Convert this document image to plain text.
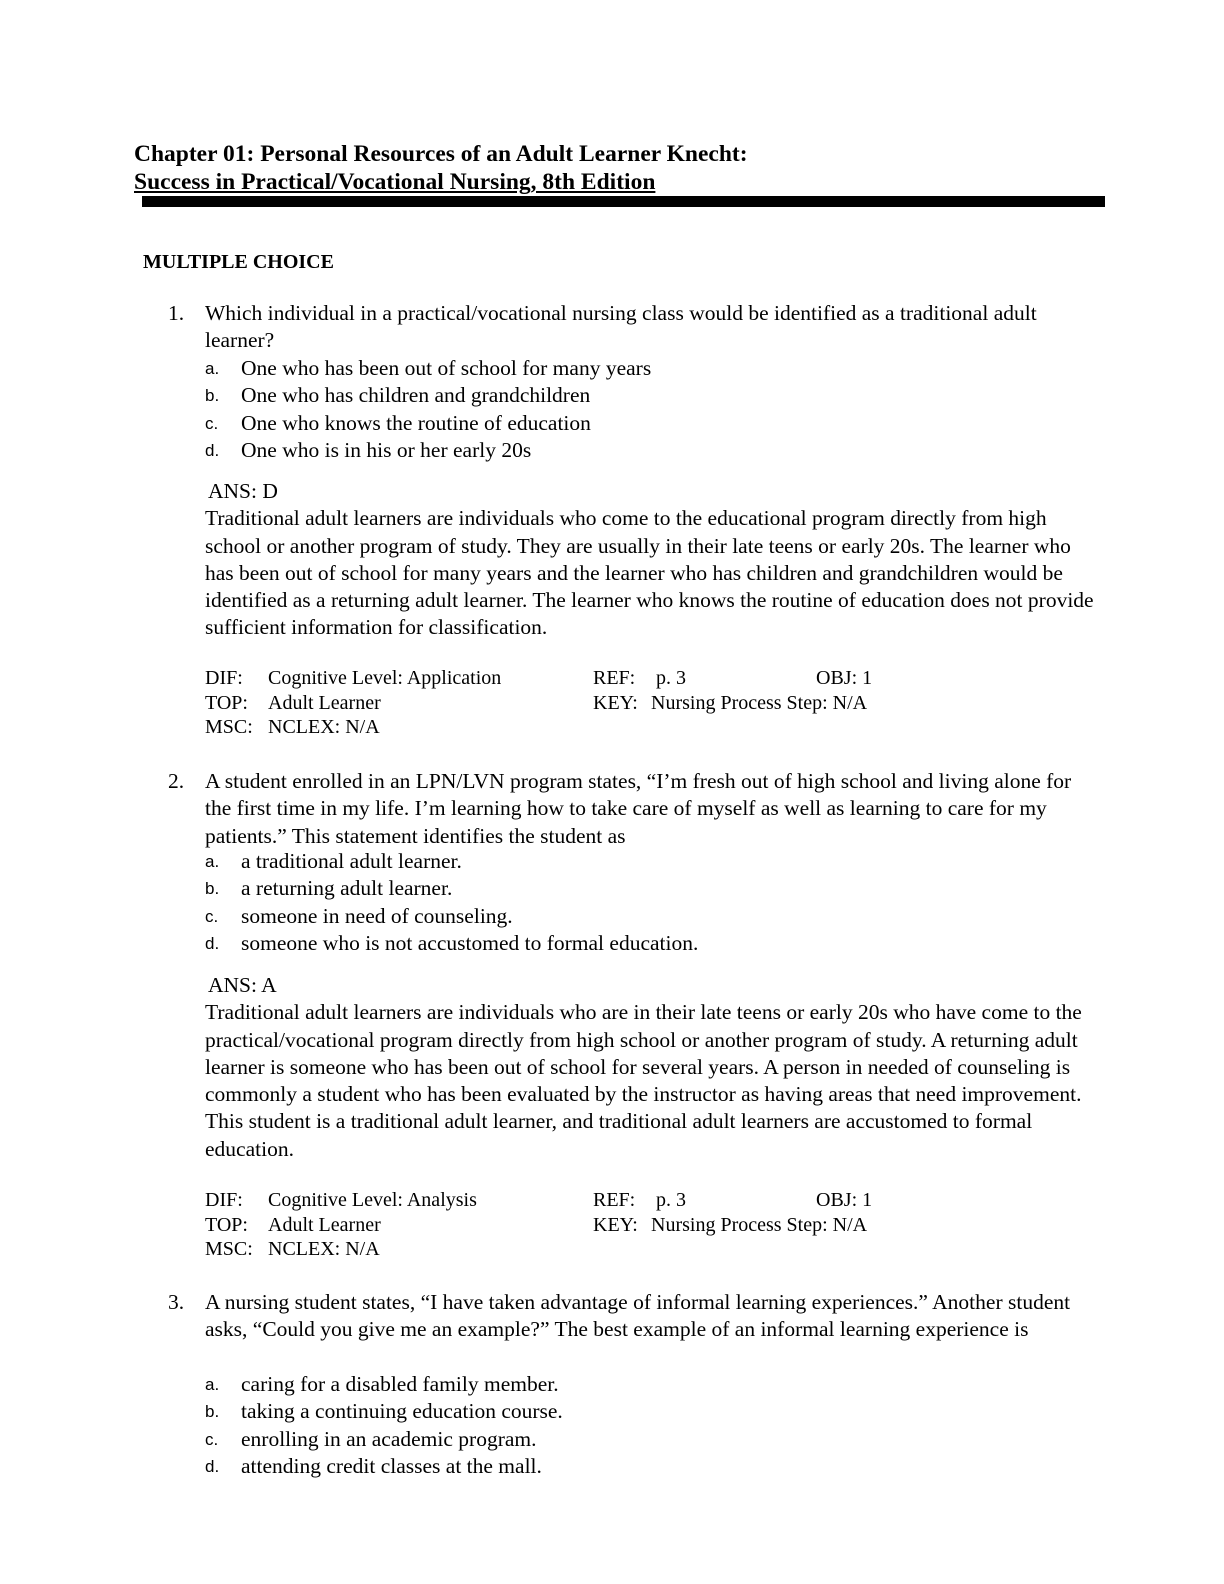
Chapter 01: Personal Resources of an Adult Learner Knecht:
Success in Practical/Vocational Nursing, 8th Edition
MULTIPLE CHOICE
1. Which individual in a practical/vocational nursing class would be identified as a traditional adult learner?
a. One who has been out of school for many years
b. One who has children and grandchildren
c. One who knows the routine of education
d. One who is in his or her early 20s
ANS: D
Traditional adult learners are individuals who come to the educational program directly from high school or another program of study. They are usually in their late teens or early 20s. The learner who has been out of school for many years and the learner who has children and grandchildren would be identified as a returning adult learner. The learner who knows the routine of education does not provide sufficient information for classification.
DIF: Cognitive Level: Application	REF: p. 3	OBJ: 1
TOP: Adult Learner	KEY: Nursing Process Step: N/A
MSC: NCLEX: N/A
2. A student enrolled in an LPN/LVN program states, “I’m fresh out of high school and living alone for the first time in my life. I’m learning how to take care of myself as well as learning to care for my patients.” This statement identifies the student as
a. a traditional adult learner.
b. a returning adult learner.
c. someone in need of counseling.
d. someone who is not accustomed to formal education.
ANS: A
Traditional adult learners are individuals who are in their late teens or early 20s who have come to the practical/vocational program directly from high school or another program of study. A returning adult learner is someone who has been out of school for several years. A person in needed of counseling is commonly a student who has been evaluated by the instructor as having areas that need improvement. This student is a traditional adult learner, and traditional adult learners are accustomed to formal education.
DIF: Cognitive Level: Analysis	REF: p. 3	OBJ: 1
TOP: Adult Learner	KEY: Nursing Process Step: N/A
MSC: NCLEX: N/A
3. A nursing student states, “I have taken advantage of informal learning experiences.” Another student asks, “Could you give me an example?” The best example of an informal learning experience is
a. caring for a disabled family member.
b. taking a continuing education course.
c. enrolling in an academic program.
d. attending credit classes at the mall.
